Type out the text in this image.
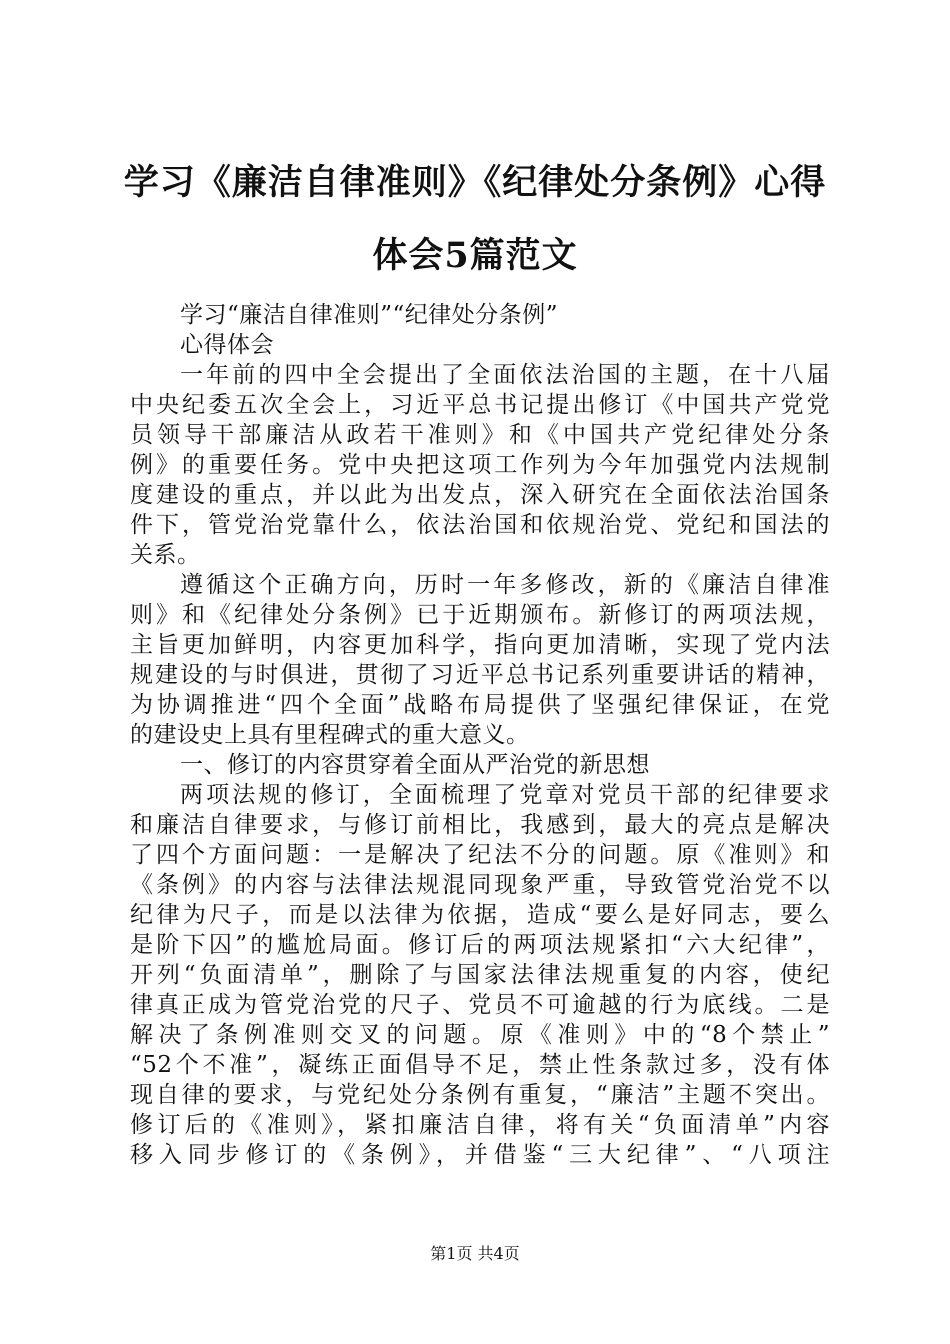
学习《廉洁自律准则》《纪律处分条例》心得
体会5篇范文
学习“廉洁自律准则”“纪律处分条例”
心得体会
一年前的四中全会提出了全面依法治国的主题，在十八届
中央纪委五次全会上，习近平总书记提出修订《中国共产党党
员领导干部廉洁从政若干准则》和《中国共产党纪律处分条
例》的重要任务。党中央把这项工作列为今年加强党内法规制
度建设的重点，并以此为出发点，深入研究在全面依法治国条
件下，管党治党靠什么，依法治国和依规治党、党纪和国法的
关系。
遵循这个正确方向，历时一年多修改，新的《廉洁自律准
则》和《纪律处分条例》已于近期颁布。新修订的两项法规，
主旨更加鲜明，内容更加科学，指向更加清晰，实现了党内法
规建设的与时俱进，贯彻了习近平总书记系列重要讲话的精神，
为协调推进“四个全面”战略布局提供了坚强纪律保证，在党
的建设史上具有里程碑式的重大意义。
一、修订的内容贯穿着全面从严治党的新思想
两项法规的修订，全面梳理了党章对党员干部的纪律要求
和廉洁自律要求，与修订前相比，我感到，最大的亮点是解决
了四个方面问题：一是解决了纪法不分的问题。原《准则》和
《条例》的内容与法律法规混同现象严重，导致管党治党不以
纪律为尺子，而是以法律为依据，造成“要么是好同志，要么
是阶下囚”的尴尬局面。修订后的两项法规紧扣“六大纪律”，
开列“负面清单”，删除了与国家法律法规重复的内容，使纪
律真正成为管党治党的尺子、党员不可逾越的行为底线。二是
解决了条例准则交叉的问题。原《准则》中的“8个禁止”
“52个不准”，凝练正面倡导不足，禁止性条款过多，没有体
现自律的要求，与党纪处分条例有重复，“廉洁”主题不突出。
修订后的《准则》，紧扣廉洁自律，将有关“负面清单”内容
移入同步修订的《条例》，并借鉴“三大纪律”、“八项注
第1页 共4页
